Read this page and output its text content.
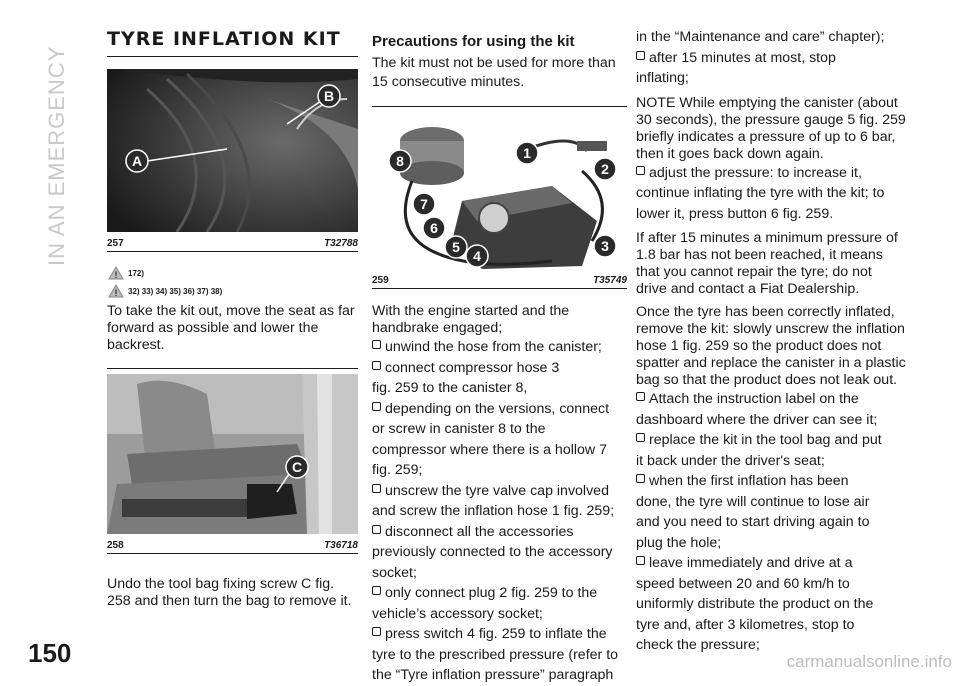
IN AN EMERGENCY
TYRE INFLATION KIT
A
B
257	T32788
! 172)
! 32) 33) 34) 35) 36) 37) 38)

To take the kit out, move the seat as far forward as possible and lower the backrest.

C
258	T36718

Undo the tool bag fixing screw C fig. 258 and then turn the bag to remove it.

Precautions for using the kit

The kit must not be used for more than 15 consecutive minutes.

1
2
3
4
5
6
7
8
259	T35749

With the engine started and the handbrake engaged;

unwind the hose from the canister;
connect compressor hose 3
fig. 259 to the canister 8,
depending on the versions, connect
or screw in canister 8 to the
compressor where there is a hollow 7
fig. 259;
unscrew the tyre valve cap involved
and screw the inflation hose 1 fig. 259;
disconnect all the accessories
previously connected to the accessory
socket;
only connect plug 2 fig. 259 to the
vehicle’s accessory socket;
press switch 4 fig. 259 to inflate the
tyre to the prescribed pressure (refer to
the “Tyre inflation pressure” paragraph
in the “Maintenance and care” chapter);
after 15 minutes at most, stop
inflating;

NOTE While emptying the canister (about 30 seconds), the pressure gauge 5 fig. 259 briefly indicates a pressure of up to 6 bar, then it goes back down again.

adjust the pressure: to increase it,
continue inflating the tyre with the kit; to
lower it, press button 6 fig. 259.

If after 15 minutes a minimum pressure of 1.8 bar has not been reached, it means that you cannot repair the tyre; do not drive and contact a Fiat Dealership.

Once the tyre has been correctly inflated, remove the kit: slowly unscrew the inflation hose 1 fig. 259 so the product does not spatter and replace the canister in a plastic bag so that the product does not leak out.

Attach the instruction label on the
dashboard where the driver can see it;
replace the kit in the tool bag and put
it back under the driver's seat;
when the first inflation has been
done, the tyre will continue to lose air
and you need to start driving again to
plug the hole;
leave immediately and drive at a
speed between 20 and 60 km/h to
uniformly distribute the product on the
tyre and, after 3 kilometres, stop to
check the pressure;
150	carmanualsonline.info
